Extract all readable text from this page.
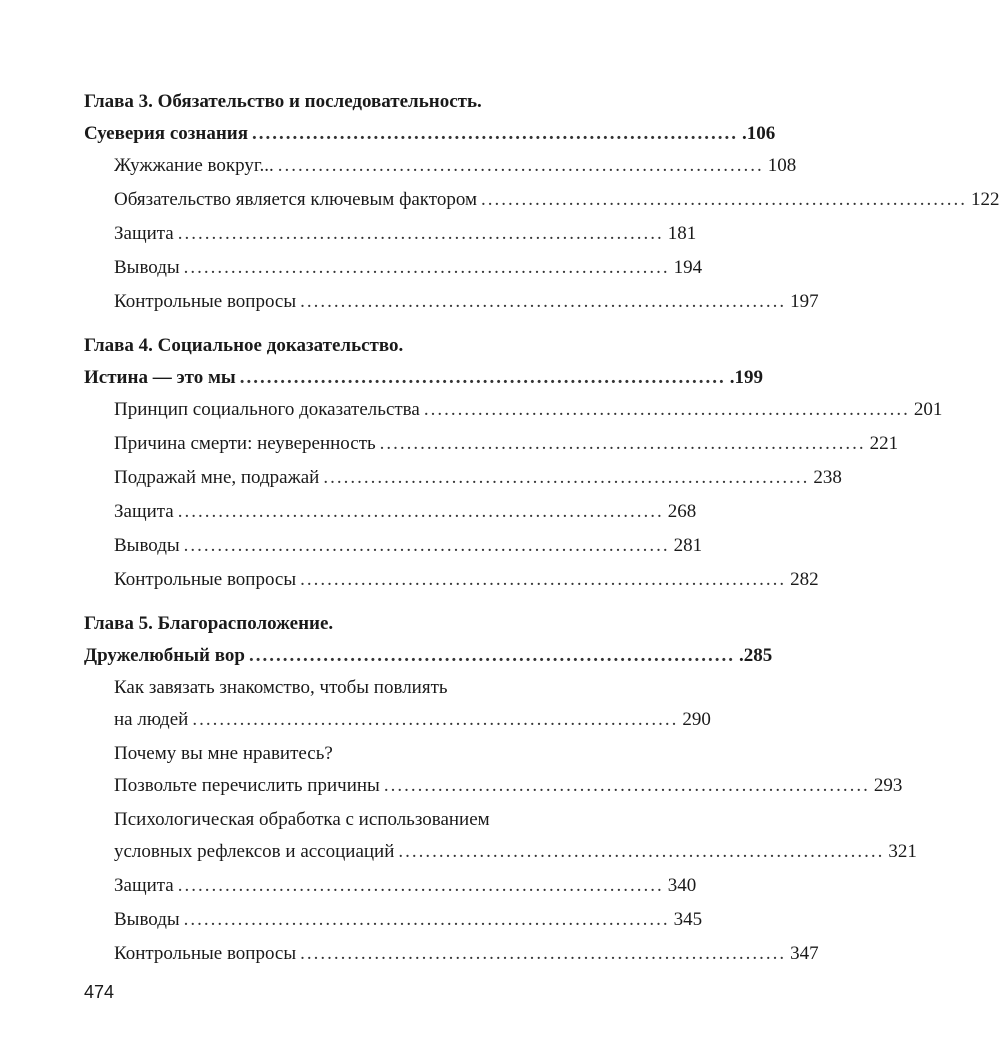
Глава 3. Обязательство и последовательность.
Суеверия сознания ........................................................................ .106
Жужжание вокруг... ........................................................................ 108
Обязательство является ключевым фактором ........................................................................ 122
Защита ........................................................................ 181
Выводы ........................................................................ 194
Контрольные вопросы ........................................................................ 197
Глава 4. Социальное доказательство.
Истина — это мы ........................................................................ .199
Принцип социального доказательства ........................................................................ 201
Причина смерти: неуверенность ........................................................................ 221
Подражай мне, подражай ........................................................................ 238
Защита ........................................................................ 268
Выводы ........................................................................ 281
Контрольные вопросы ........................................................................ 282
Глава 5. Благорасположение.
Дружелюбный вор ........................................................................ .285
Как завязать знакомство, чтобы повлиять
на людей ........................................................................ 290
Почему вы мне нравитесь?
Позвольте перечислить причины ........................................................................ 293
Психологическая обработка с использованием
условных рефлексов и ассоциаций ........................................................................ 321
Защита ........................................................................ 340
Выводы ........................................................................ 345
Контрольные вопросы ........................................................................ 347
474
